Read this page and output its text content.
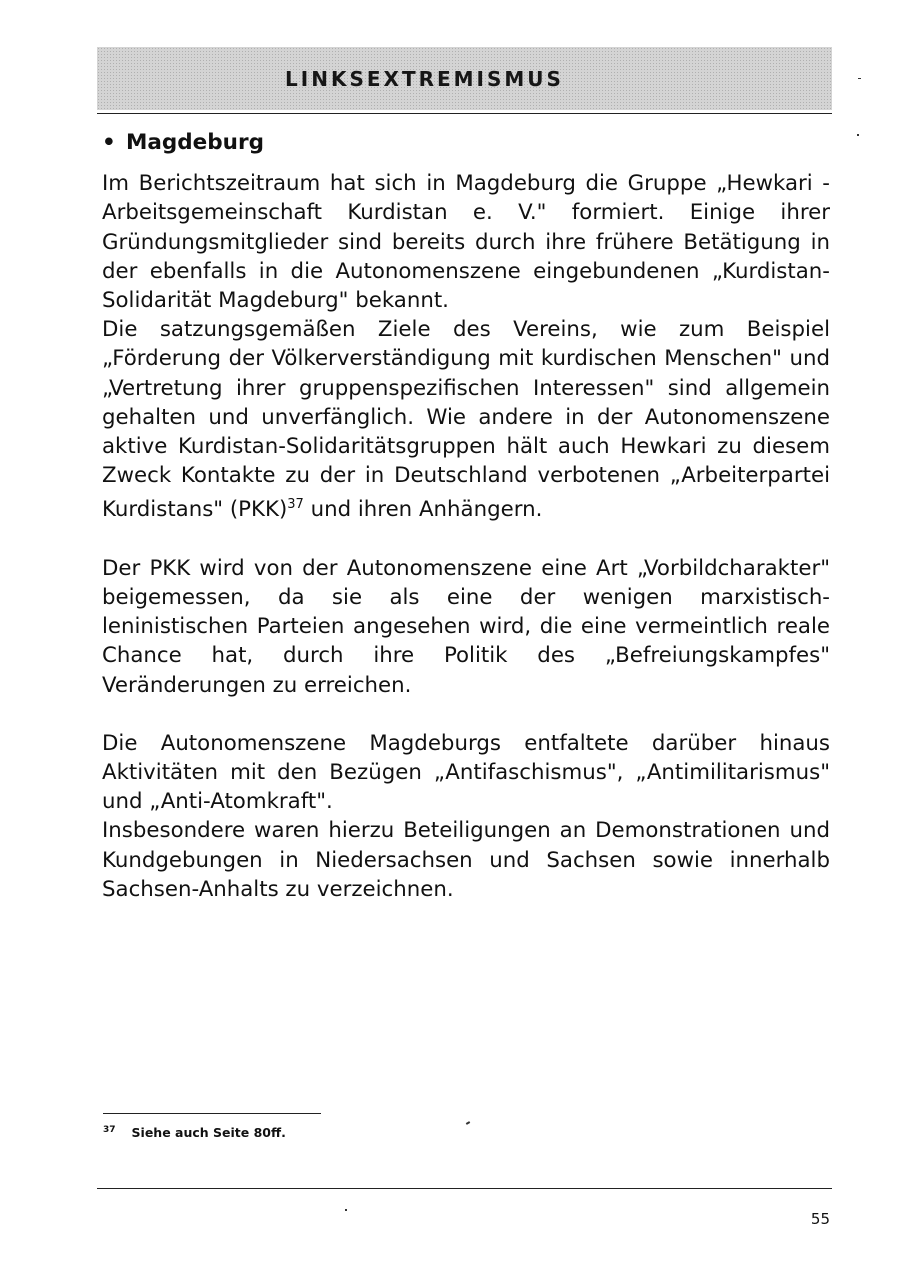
LINKSEXTREMISMUS
• Magdeburg

Im Berichtszeitraum hat sich in Magdeburg die Gruppe „Hewkari - Arbeitsgemeinschaft Kurdistan e. V." formiert. Einige ihrer Gründungsmitglieder sind bereits durch ihre frühere Betätigung in der ebenfalls in die Autonomenszene eingebundenen „Kurdistan-Solidarität Magdeburg" bekannt.

Die satzungsgemäßen Ziele des Vereins, wie zum Beispiel „Förderung der Völkerverständigung mit kurdischen Menschen" und „Vertretung ihrer gruppenspezifischen Interessen" sind allgemein gehalten und unverfänglich. Wie andere in der Autonomenszene aktive Kurdistan-Solidaritätsgruppen hält auch Hewkari zu diesem Zweck Kontakte zu der in Deutschland verbotenen „Arbeiterpartei Kurdistans" (PKK)$^{37}$ und ihren Anhängern.

Der PKK wird von der Autonomenszene eine Art „Vorbildcharakter" beigemessen, da sie als eine der wenigen marxistisch-leninistischen Parteien angesehen wird, die eine vermeintlich reale Chance hat, durch ihre Politik des „Befreiungskampfes" Veränderungen zu erreichen.

Die Autonomenszene Magdeburgs entfaltete darüber hinaus Aktivitäten mit den Bezügen „Antifaschismus", „Antimilitarismus" und „Anti-Atomkraft".

Insbesondere waren hierzu Beteiligungen an Demonstrationen und Kundgebungen in Niedersachsen und Sachsen sowie innerhalb Sachsen-Anhalts zu verzeichnen.

$^{37}$ Siehe auch Seite 80ff.
55
